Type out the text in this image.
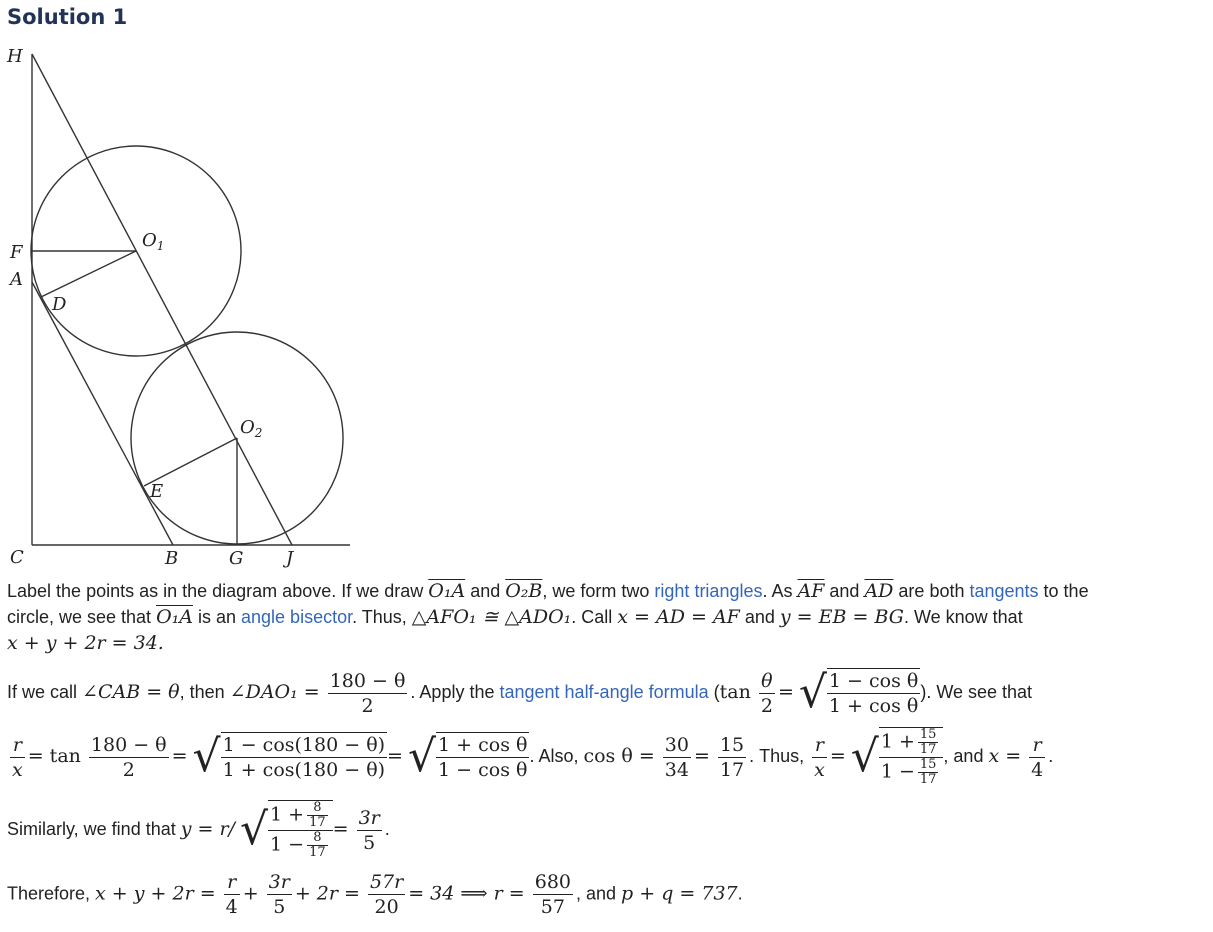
Solution 1
H
F
A
D
$O_1$
$O_2$
E
C	B	G J
Label the points as in the diagram above. If we draw O₁A and O₂B, we form two right triangles. As $\overline{AF}$ and $\overline{AD}$ are both tangents to the
circle, we see that O₁A is an angle bisector. Thus, △AFO₁ ≅ △ADO₁. Call x = AD = AF and y = EB = BG. We know that
x + y + 2r = 34.
If we call ∠CAB = θ, then ∠DAO₁ = $\frac{180 - \theta}{2}$ . Apply the tangent half-angle formula ($\tan \frac{\theta}{2}$ = √ $\frac{\text{1 − cos θ}}{\text{1 + cos θ}}$ ). We see that
$\frac{r}{x} = \tan \frac{180 - \theta}{2}$ = √ $\frac{1 - \cos(180 - \theta)}{1 + \cos(180 - \theta)}$ = √ $\frac{\text{1 + cos θ}}{\text{1 − cos θ}}$ . Also, $\cos \theta = \frac{30}{34} = \frac{15}{17}$ . Thus, $\frac{r}{x}$ = √ $\frac{1 + \frac{15}{17}}{1 - \frac{15}{17}}$ , and $x = \frac{r}{4}$ .
Similarly, we find that y = r/ √ $\frac{1 + \frac{8}{17}}{1 - \frac{8}{17}} = \frac{3r}{5}$ .
Therefore, $x + y + 2r = \frac{r}{4} + \frac{3r}{5} + 2r = \frac{57r}{20} = 34$ ⟹ $r = \frac{680}{57}$ , and p + q = 737.
